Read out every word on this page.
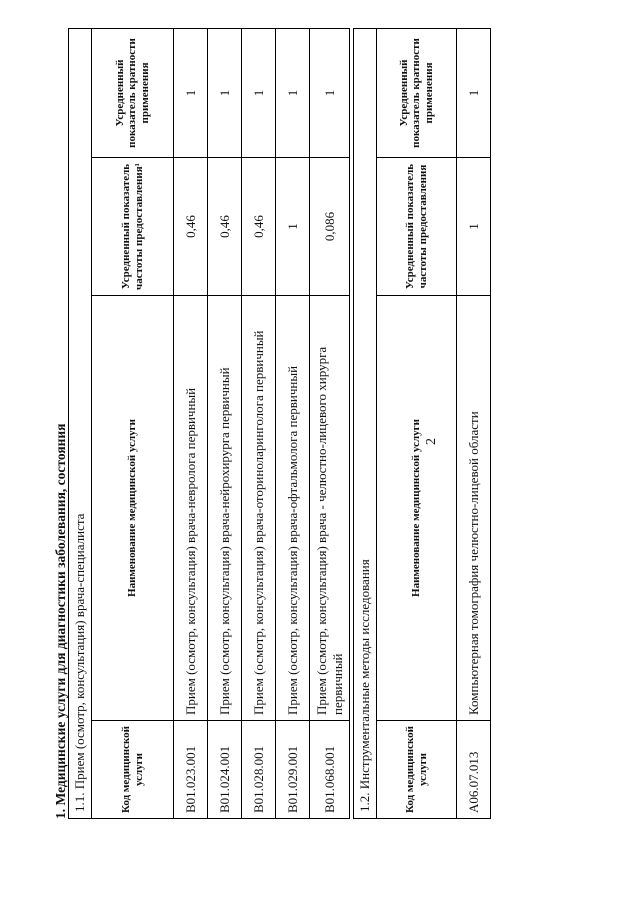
2
1. Медицинские услуги для диагностики заболевания, состояния 1.1. Прием (осмотр, консультация) врача-специалиста			
Код медицинской услуги	Наименование медицинской услуги	Усредненный показатель частоты предоставления¹	Усредненный показатель кратности применения
B01.023.001	Прием (осмотр, консультация) врача-невролога первичный	0,46	1
B01.024.001	Прием (осмотр, консультация) врача-нейрохирурга первичный	0,46	1
B01.028.001	Прием (осмотр, консультация) врача-оториноларинголога первичный	0,46	1
B01.029.001	Прием (осмотр, консультация) врача-офтальмолога первичный	1	1
B01.068.001	Прием (осмотр, консультация) врача - челюстно-лицевого хирурга первичный	0,086	1
1.2. Инструментальные методы исследования			
Код медицинской услуги	Наименование медицинской услуги	Усредненный показатель частоты предоставления	Усредненный показатель кратности применения
A06.07.013	Компьютерная томография челюстно-лицевой области	1	1
